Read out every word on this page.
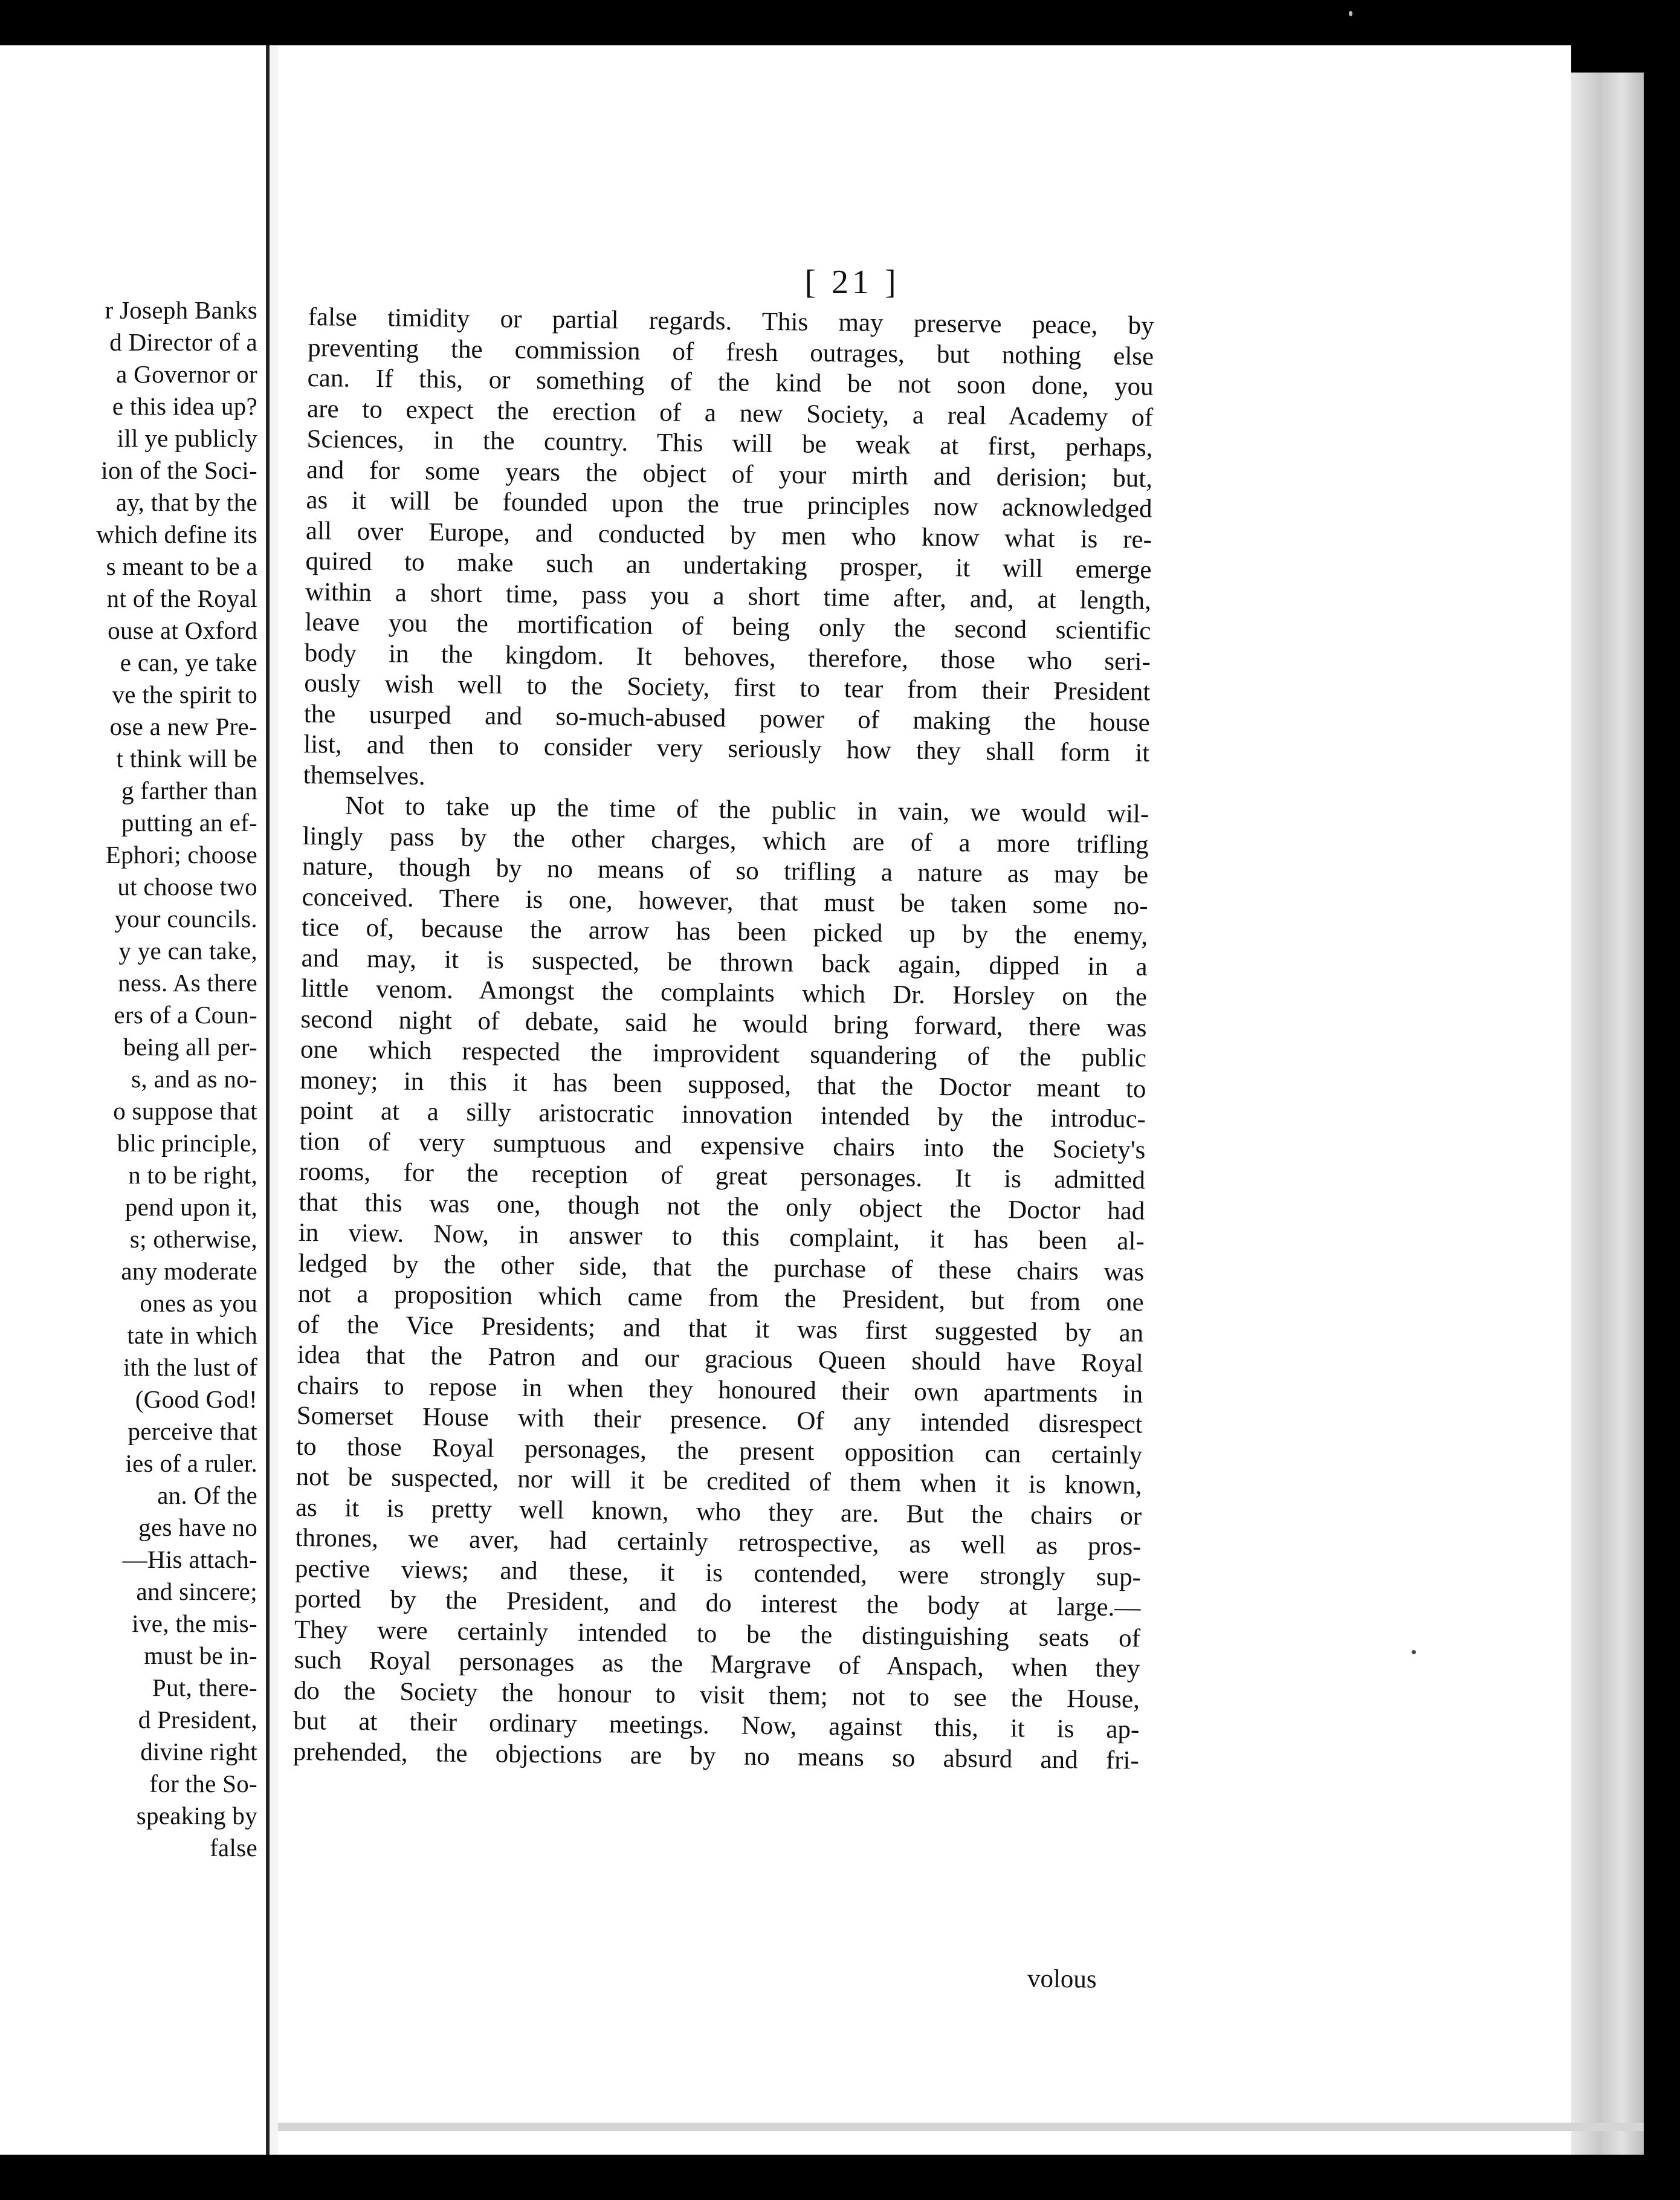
r Joseph Banks
d Director of a
a Governor or
e this idea up?
ill ye publicly
ion of the Soci-
ay, that by the
which define its
s meant to be a
nt of the Royal
ouse at Oxford
e can, ye take
ve the spirit to
ose a new Pre-
t think will be
g farther than
putting an ef-
Ephori; choose
ut choose two
your councils.
y ye can take,
ness. As there
ers of a Coun-
being all per-
s, and as no-
o suppose that
blic principle,
n to be right,
pend upon it,
s; otherwise,
any moderate
ones as you
tate in which
ith the lust of
(Good God!
perceive that
ies of a ruler.
an. Of the
ges have no
—His attach-
and sincere;
ive, the mis-
must be in-
Put, there-
d President,
divine right
for the So-
speaking by
false
[ 21 ]
false timidity or partial regards. This may preserve peace, by
preventing the commission of fresh outrages, but nothing else
can. If this, or something of the kind be not soon done, you
are to expect the erection of a new Society, a real Academy of
Sciences, in the country. This will be weak at first, perhaps,
and for some years the object of your mirth and derision; but,
as it will be founded upon the true principles now acknowledged
all over Europe, and conducted by men who know what is re-
quired to make such an undertaking prosper, it will emerge
within a short time, pass you a short time after, and, at length,
leave you the mortification of being only the second scientific
body in the kingdom. It behoves, therefore, those who seri-
ously wish well to the Society, first to tear from their President
the usurped and so-much-abused power of making the house
list, and then to consider very seriously how they shall form it
themselves.
Not to take up the time of the public in vain, we would wil-
lingly pass by the other charges, which are of a more trifling
nature, though by no means of so trifling a nature as may be
conceived. There is one, however, that must be taken some no-
tice of, because the arrow has been picked up by the enemy,
and may, it is suspected, be thrown back again, dipped in a
little venom. Amongst the complaints which Dr. Horsley on the
second night of debate, said he would bring forward, there was
one which respected the improvident squandering of the public
money; in this it has been supposed, that the Doctor meant to
point at a silly aristocratic innovation intended by the introduc-
tion of very sumptuous and expensive chairs into the Society's
rooms, for the reception of great personages. It is admitted
that this was one, though not the only object the Doctor had
in view. Now, in answer to this complaint, it has been al-
ledged by the other side, that the purchase of these chairs was
not a proposition which came from the President, but from one
of the Vice Presidents; and that it was first suggested by an
idea that the Patron and our gracious Queen should have Royal
chairs to repose in when they honoured their own apartments in
Somerset House with their presence. Of any intended disrespect
to those Royal personages, the present opposition can certainly
not be suspected, nor will it be credited of them when it is known,
as it is pretty well known, who they are. But the chairs or
thrones, we aver, had certainly retrospective, as well as pros-
pective views; and these, it is contended, were strongly sup-
ported by the President, and do interest the body at large.—
They were certainly intended to be the distinguishing seats of
such Royal personages as the Margrave of Anspach, when they
do the Society the honour to visit them; not to see the House,
but at their ordinary meetings. Now, against this, it is ap-
prehended, the objections are by no means so absurd and fri-
volous
